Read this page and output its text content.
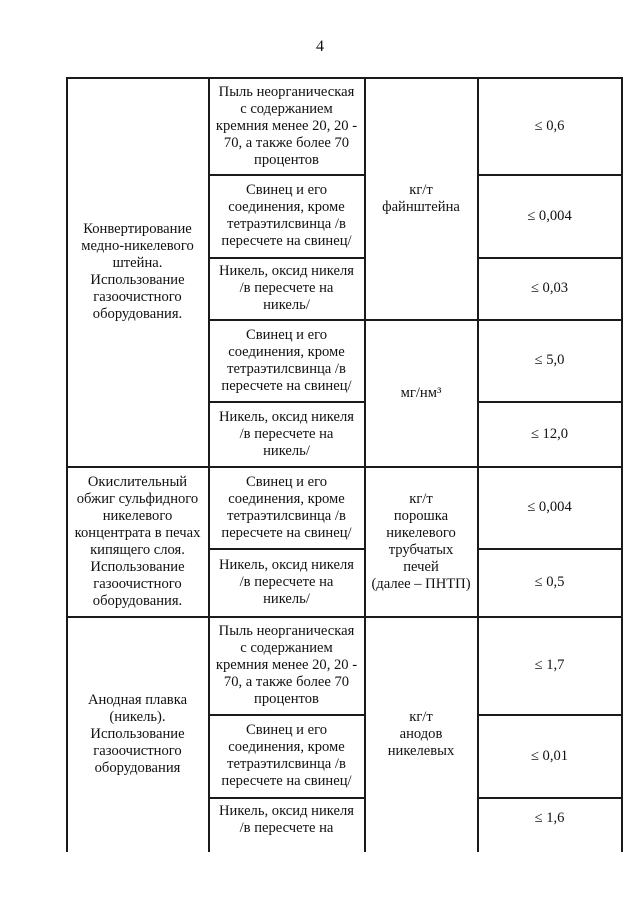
4
Конвертирование
медно-никелевого
штейна.
Использование
газоочистного
оборудования.
Пыль неорганическая
с содержанием
кремния менее 20, 20 -
70, а также более 70
процентов
Свинец и его
соединения, кроме
тетраэтилсвинца /в
пересчете на свинец/
Никель, оксид никеля
/в пересчете на
никель/
Свинец и его
соединения, кроме
тетраэтилсвинца /в
пересчете на свинец/
Никель, оксид никеля
/в пересчете на
никель/
кг/т
файнштейна
мг/нм³
≤ 0,6
≤ 0,004
≤ 0,03
≤ 5,0
≤ 12,0
Окислительный
обжиг сульфидного
никелевого
концентрата в печах
кипящего слоя.
Использование
газоочистного
оборудования.
Свинец и его
соединения, кроме
тетраэтилсвинца /в
пересчете на свинец/
Никель, оксид никеля
/в пересчете на
никель/
кг/т
порошка
никелевого
трубчатых
печей
(далее – ПНТП)
≤ 0,004
≤ 0,5
Анодная плавка
(никель).
Использование
газоочистного
оборудования
Пыль неорганическая
с содержанием
кремния менее 20, 20 -
70, а также более 70
процентов
Свинец и его
соединения, кроме
тетраэтилсвинца /в
пересчете на свинец/
Никель, оксид никеля
/в пересчете на
кг/т
анодов
никелевых
≤ 1,7
≤ 0,01
≤ 1,6
